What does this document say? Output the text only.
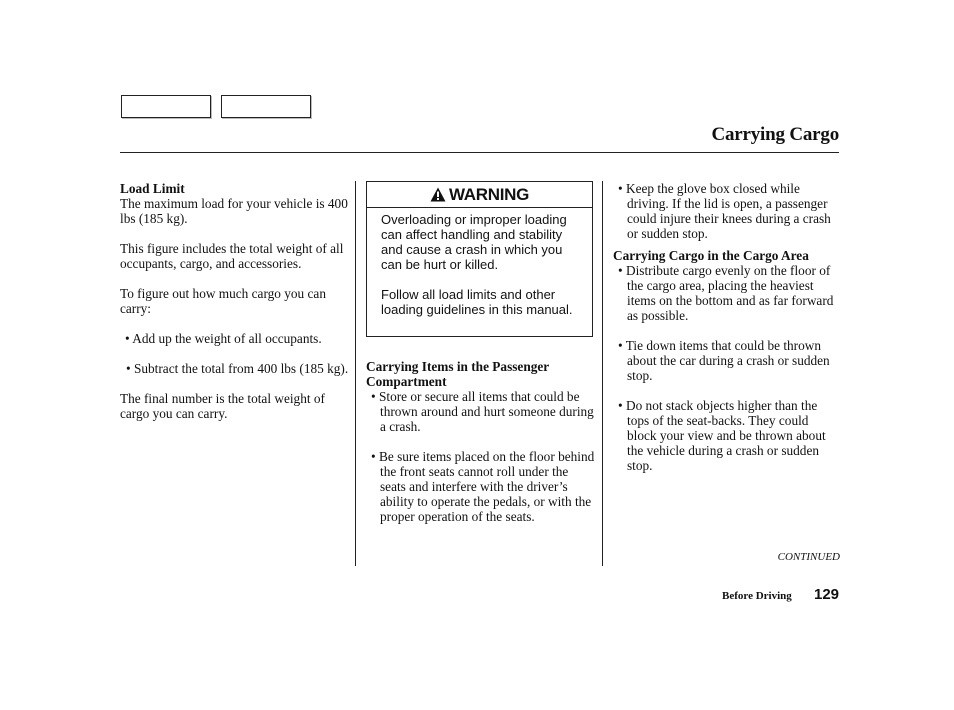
Carrying Cargo

Load Limit

The maximum load for your vehicle is 400 lbs (185 kg).

This figure includes the total weight of all occupants, cargo, and accessories.

To figure out how much cargo you can carry:

• Add up the weight of all occupants.

• Subtract the total from 400 lbs (185 kg).

The final number is the total weight of cargo you can carry.

WARNING

Overloading or improper loading can affect handling and stability and cause a crash in which you can be hurt or killed.

Follow all load limits and other loading guidelines in this manual.

Carrying Items in the Passenger Compartment

• Store or secure all items that could be thrown around and hurt someone during a crash.

• Be sure items placed on the floor behind the front seats cannot roll under the seats and interfere with the driver’s ability to operate the pedals, or with the proper operation of the seats.

• Keep the glove box closed while driving. If the lid is open, a passenger could injure their knees during a crash or sudden stop.

Carrying Cargo in the Cargo Area

• Distribute cargo evenly on the floor of the cargo area, placing the heaviest items on the bottom and as far forward as possible.

• Tie down items that could be thrown about the car during a crash or sudden stop.

• Do not stack objects higher than the tops of the seat-backs. They could block your view and be thrown about the vehicle during a crash or sudden stop.

CONTINUED
Before Driving 129
